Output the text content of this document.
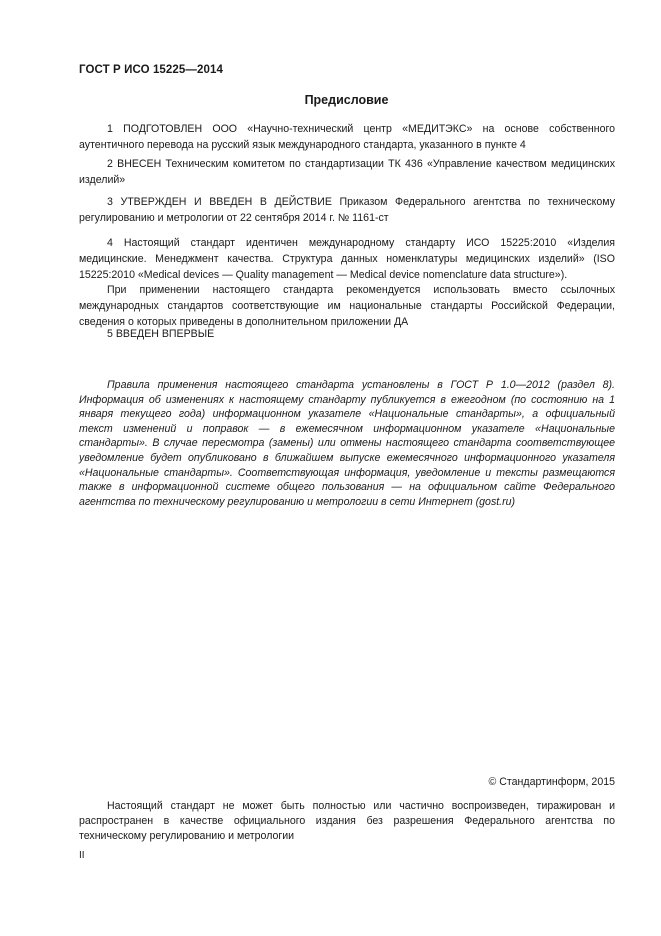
ГОСТ Р ИСО 15225—2014
Предисловие

1 ПОДГОТОВЛЕН ООО «Научно-технический центр «МЕДИТЭКС» на основе собственного аутентичного перевода на русский язык международного стандарта, указанного в пункте 4

2 ВНЕСЕН Техническим комитетом по стандартизации ТК 436 «Управление качеством медицинских изделий»

3 УТВЕРЖДЕН И ВВЕДЕН В ДЕЙСТВИЕ Приказом Федерального агентства по техническому регулированию и метрологии от 22 сентября 2014 г. № 1161-ст

4 Настоящий стандарт идентичен международному стандарту ИСО 15225:2010 «Изделия медицинские. Менеджмент качества. Структура данных номенклатуры медицинских изделий» (ISO 15225:2010 «Medical devices — Quality management — Medical device nomenclature data structure»).

При применении настоящего стандарта рекомендуется использовать вместо ссылочных международных стандартов соответствующие им национальные стандарты Российской Федерации, сведения о которых приведены в дополнительном приложении ДА

5 ВВЕДЕН ВПЕРВЫЕ

Правила применения настоящего стандарта установлены в ГОСТ Р 1.0—2012 (раздел 8). Информация об изменениях к настоящему стандарту публикуется в ежегодном (по состоянию на 1 января текущего года) информационном указателе «Национальные стандарты», а официальный текст изменений и поправок — в ежемесячном информационном указателе «Национальные стандарты». В случае пересмотра (замены) или отмены настоящего стандарта соответствующее уведомление будет опубликовано в ближайшем выпуске ежемесячного информационного указателя «Национальные стандарты». Соответствующая информация, уведомление и тексты размещаются также в информационной системе общего пользования — на официальном сайте Федерального агентства по техническому регулированию и метрологии в сети Интернет (gost.ru)

© Стандартинформ, 2015

Настоящий стандарт не может быть полностью или частично воспроизведен, тиражирован и распространен в качестве официального издания без разрешения Федерального агентства по техническому регулированию и метрологии

II
